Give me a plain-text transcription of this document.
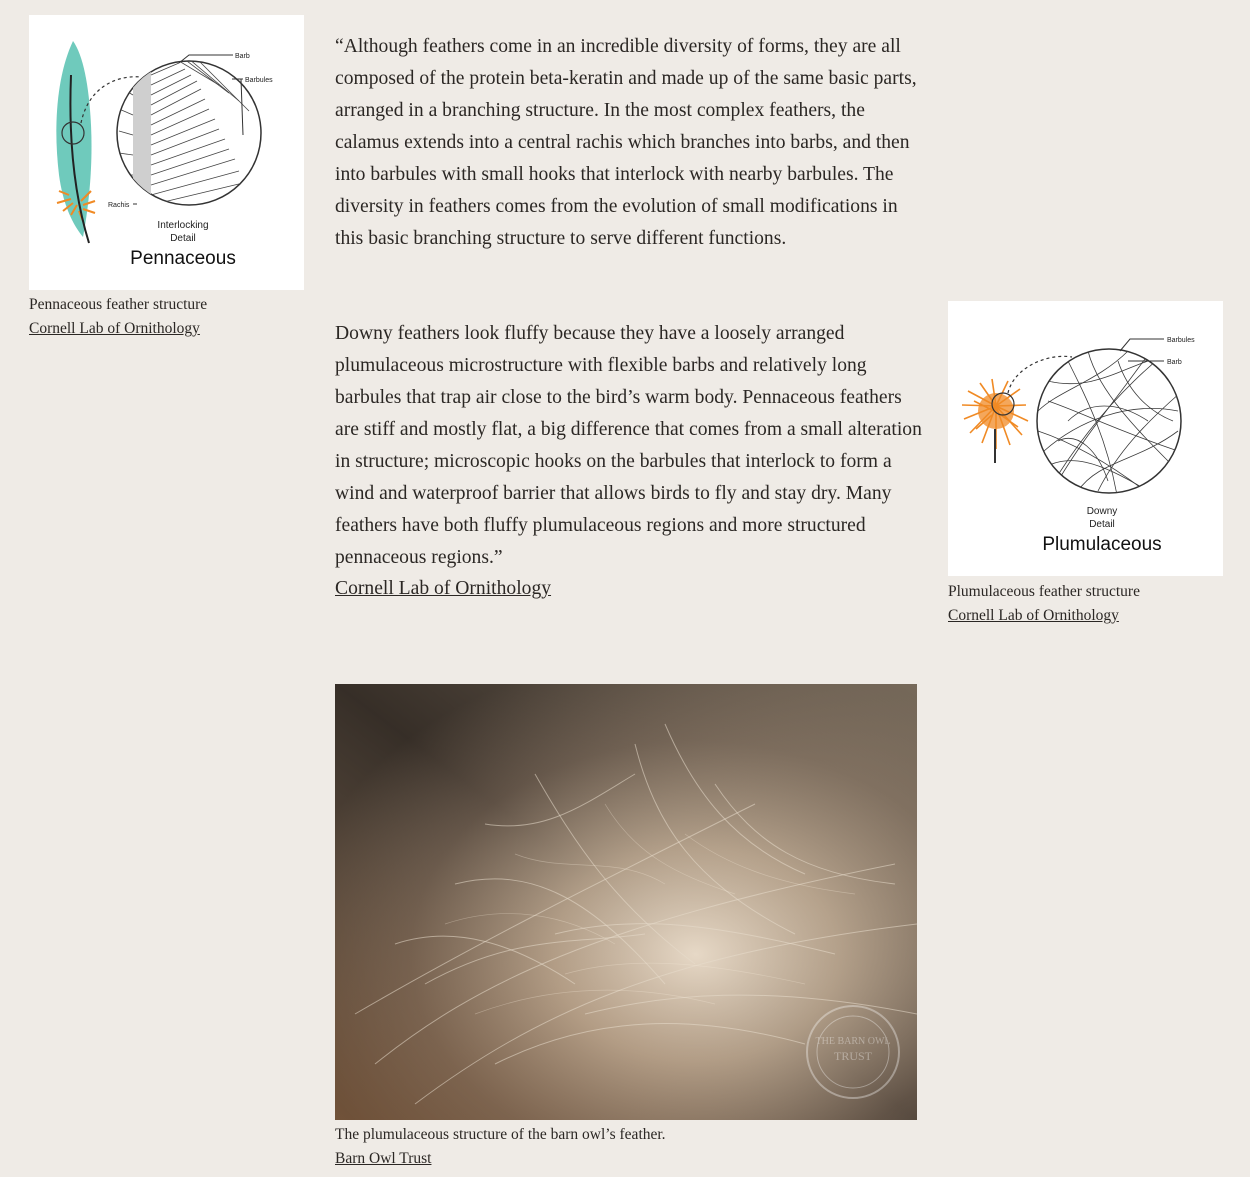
Barb
Barbules
Rachis
Interlocking
Detail
Pennaceous
Pennaceous feather structure
Cornell Lab of Ornithology

“Although feathers come in an incredible diversity of forms, they are all composed of the protein beta-keratin and made up of the same basic parts, arranged in a branching structure. In the most complex feathers, the calamus extends into a central rachis which branches into barbs, and then into barbules with small hooks that interlock with nearby barbules. The diversity in feathers comes from the evolution of small modifications in this basic branching structure to serve different functions.

Downy feathers look fluffy because they have a loosely arranged plumulaceous microstructure with flexible barbs and relatively long barbules that trap air close to the bird’s warm body. Pennaceous feathers are stiff and mostly flat, a big difference that comes from a small alteration in structure; microscopic hooks on the barbules that interlock to form a wind and waterproof barrier that allows birds to fly and stay dry. Many feathers have both fluffy plumulaceous regions and more structured pennaceous regions.”

Cornell Lab of Ornithology
Barbules
Barb
Downy
Detail
Plumulaceous
Plumulaceous feather structure
Cornell Lab of Ornithology
THE BARN OWL
TRUST
The plumulaceous structure of the barn owl’s feather.
Barn Owl Trust
